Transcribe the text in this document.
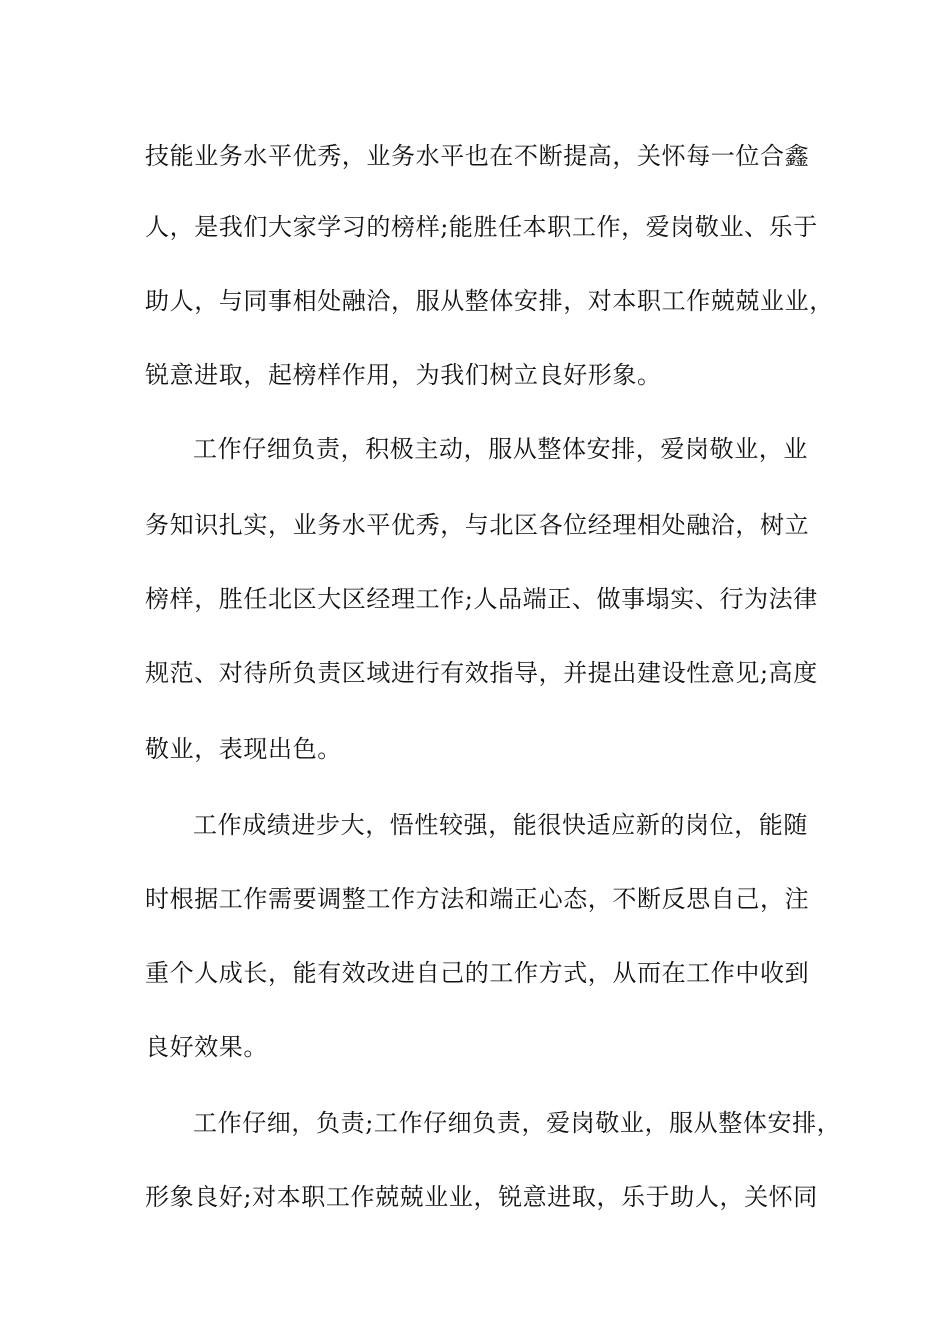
技能业务水平优秀，业务水平也在不断提高，关怀每一位合鑫
人，是我们大家学习的榜样;能胜任本职工作，爱岗敬业、乐于
助人，与同事相处融洽，服从整体安排，对本职工作兢兢业业，
锐意进取，起榜样作用，为我们树立良好形象。
工作仔细负责，积极主动，服从整体安排，爱岗敬业，业
务知识扎实，业务水平优秀，与北区各位经理相处融洽，树立
榜样，胜任北区大区经理工作;人品端正、做事塌实、行为法律
规范、对待所负责区域进行有效指导，并提出建设性意见;高度
敬业，表现出色。
工作成绩进步大，悟性较强，能很快适应新的岗位，能随
时根据工作需要调整工作方法和端正心态，不断反思自己，注
重个人成长，能有效改进自己的工作方式，从而在工作中收到
良好效果。
工作仔细，负责;工作仔细负责，爱岗敬业，服从整体安排，
形象良好;对本职工作兢兢业业，锐意进取，乐于助人，关怀同
